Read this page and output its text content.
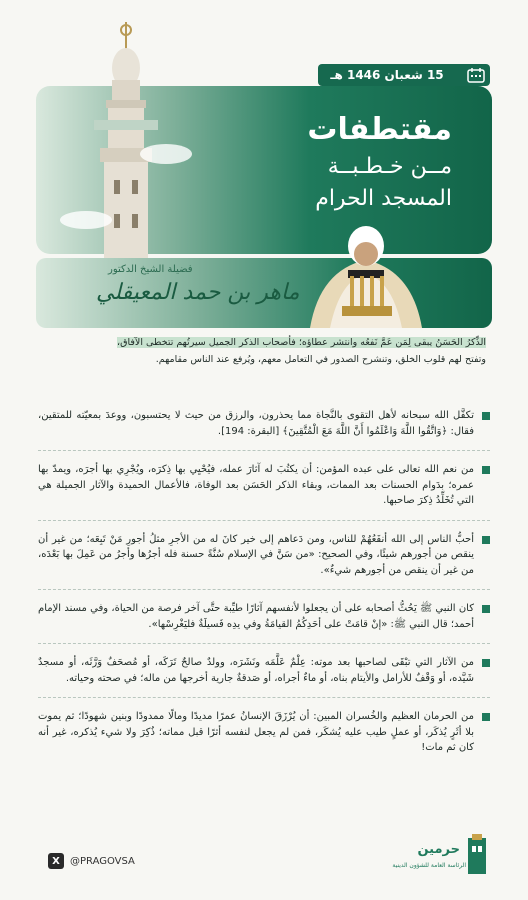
15 شعبان 1446 هـ
مقتطفات
مــن خـطـبــة
المسجد الحرام
فضيلة الشيخ الدكتور
ماهر بن حمد المعيقلي
الذِّكرُ الحَسَنُ يبقى لِمَن عَمَّ نَفعُه وانتشر عطاؤه؛ فأصحاب الذكر الجميل سيرتُهم تتخطى الآفاق،
وتفتح لهم قلوب الخلق، وتنشرح الصدور في التعامل معهم، ويُرفع عند الناس مقامهم.
تكفَّل الله سبحانه لأهل التقوى بالنَّجاة مما يحذرون، والرزق من حيث لا يحتسبون، ووعدَ بمعيّته للمتقين، فقال: ﴿وَاتَّقُوا اللَّهَ وَاعْلَمُوا أَنَّ اللَّهَ مَعَ الْمُتَّقِينَ﴾ [البقرة: 194].
من نعم الله تعالى على عبده المؤمن: أن يكتُبَ له آثارَ عمله، فيُحْيِي بها ذِكرَه، ويُجْرِي بها أجرَه، ويمدّ بها عمره؛ بدَوام الحسنات بعد الممات، وبقاء الذكر الحَسَن بعد الوفاة، فالأعمال الحميدة والآثار الجميلة هي التي تُخَلِّدُ ذِكرَ صاحبها.
أحبُّ الناس إلى الله أنفَعُهُمْ للناس، ومن دَعاهم إلى خير كانَ له من الأجرِ مثلُ أجورِ مَنْ تَبِعَه؛ من غير أن ينقص من أجورهم شيئًا، وفي الصحيح: «من سَنَّ في الإسلام سُنَّةً حسنة فله أجرُها وأجرُ من عَمِلَ بها بَعْدَه، من غير أن ينقص من أجورهم شيءٌ».
كان النبي ﷺ يَحُثُّ أصحابه على أن يجعلوا لأنفسهم آثارًا طيِّبة حتَّى آخر فرصة من الحياة، وفي مسند الإمام أحمد؛ قال النبي ﷺ: «إنْ قامَتْ على أحَدِكُمُ القيامَةُ وفي يدِه فَسيلَةٌ فليَغْرِسْها».
من الآثار التي تبْقَى لصاحبها بعد موته: عِلْمٌ عَلَّمَه ونَشَرَه، وولدٌ صالحٌ تَرَكَه، أو مُصحَفٌ وَرَّثَه، أو مسجدٌ شَيَّده، أو وَقْفٌ للأرامل والأيتام بناه، أو ماءٌ أجراه، أو صَدقةٌ جارية أخرجها من ماله؛ في صحته وحياته.
من الحرمان العظيم والخُسران المبين: أن يُرْزَقَ الإنسانُ عمرًا مديدًا ومالًا ممدودًا وبنين شهودًا؛ ثم يموت بلا أثَرٍ يُذكَر، أو عملٍ طيب عليه يُشكَر، فمن لم يجعل لنفسه أثرًا قبل مماته؛ ذُكِرَ ولا شيء يُذكره، غير أنه كان ثم مات!
X	@PRAGOVSA
حرمين
الرئاسة العامة للشؤون الدينية
